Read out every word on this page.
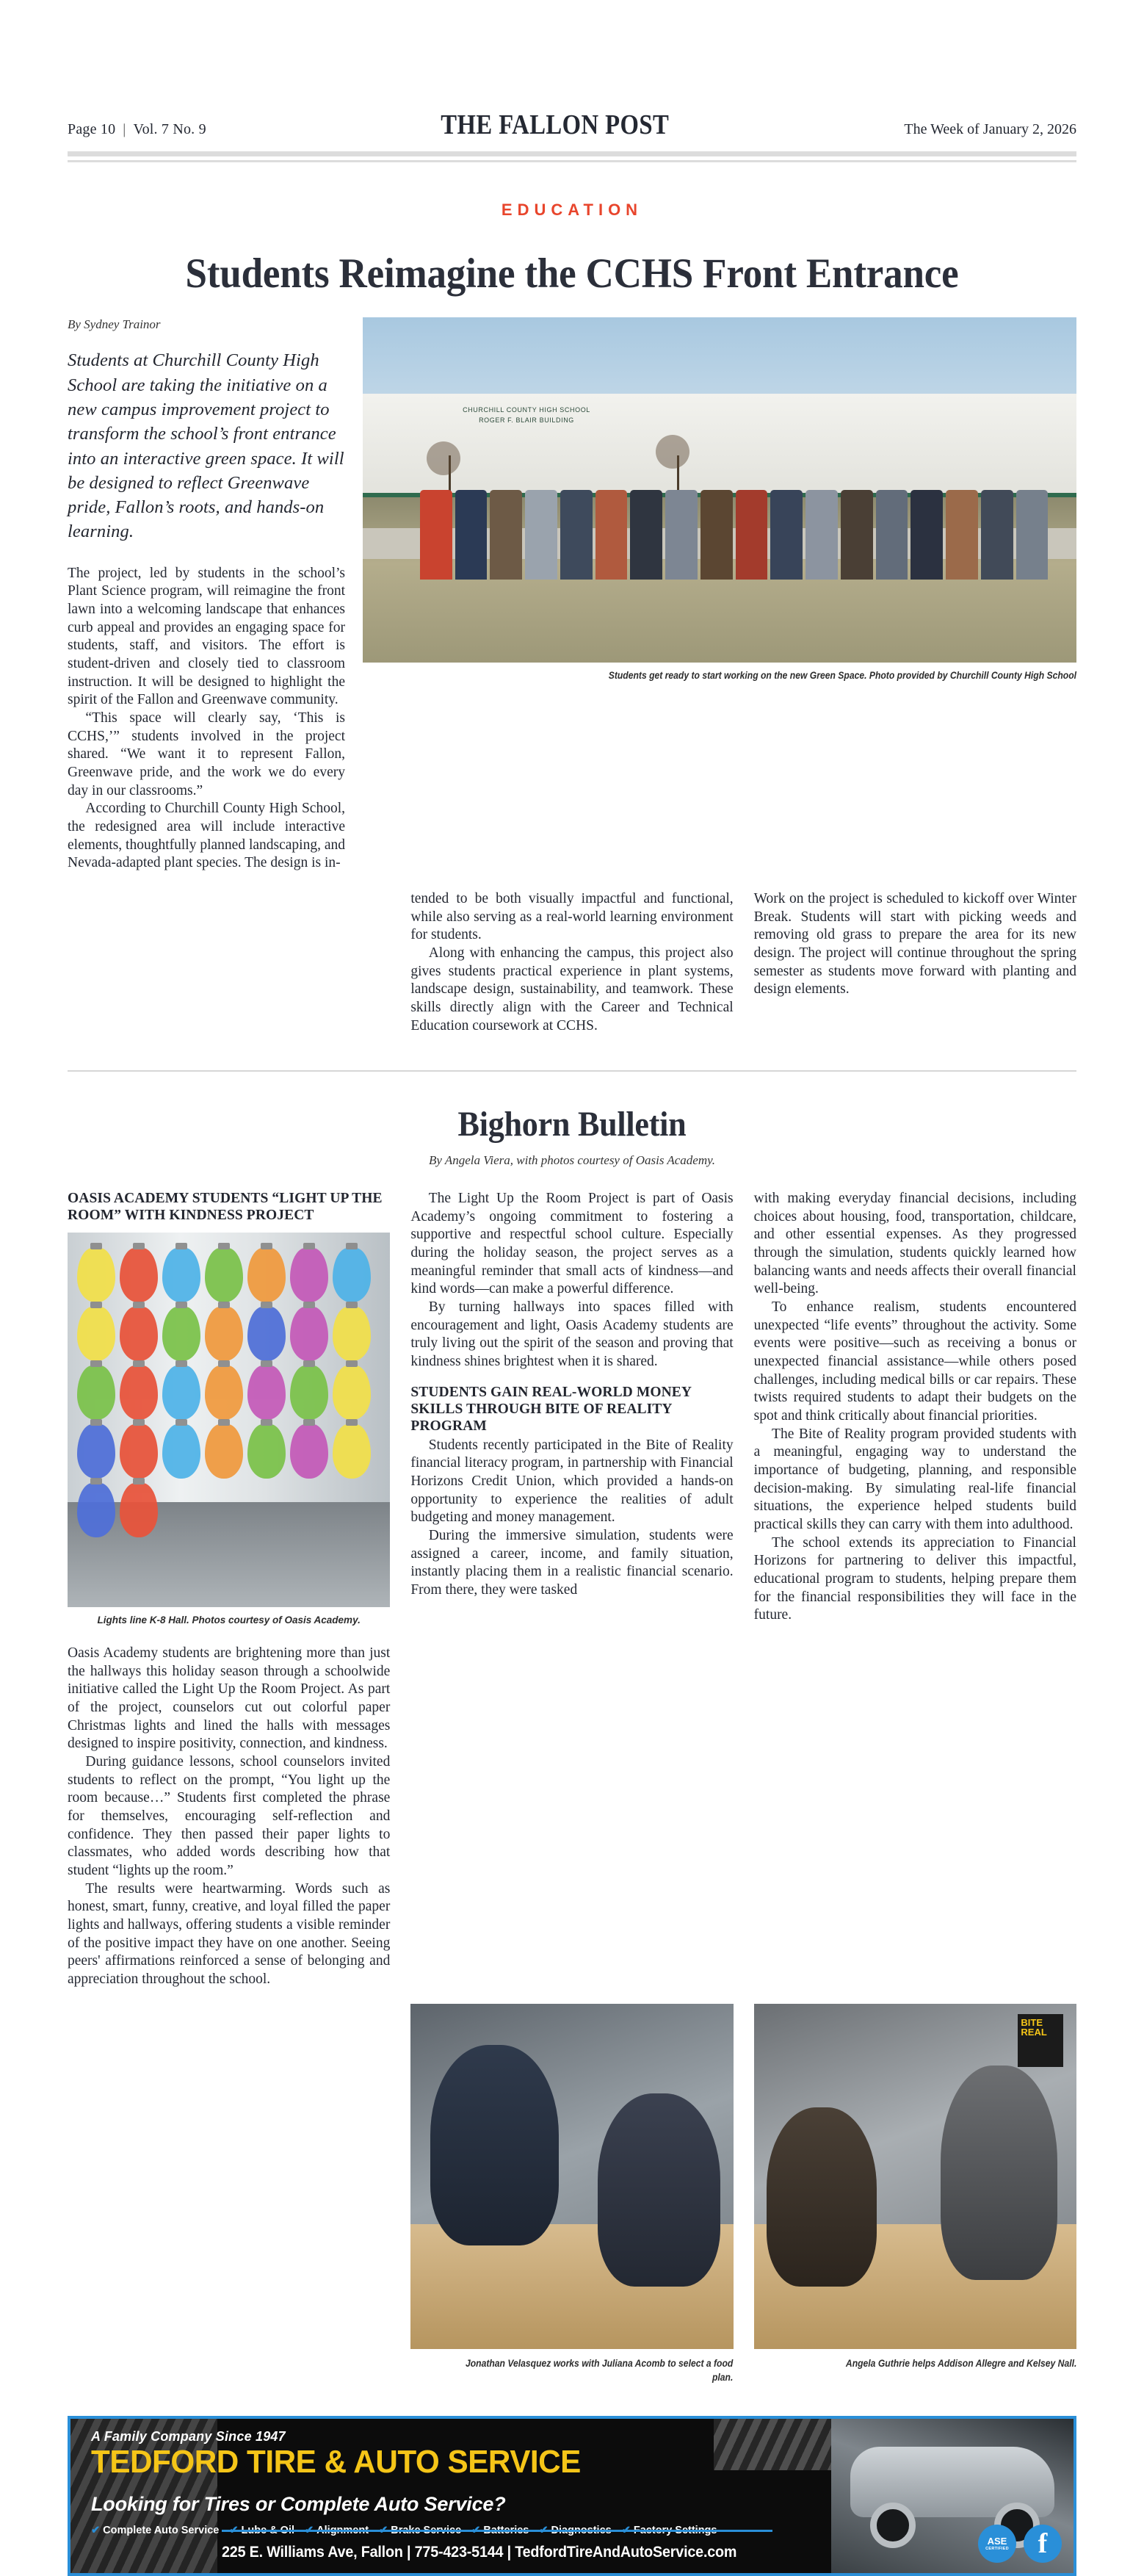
Page 10 | Vol. 7 No. 9	THE FALLON POST	The Week of January 2, 2026
EDUCATION
Students Reimagine the CCHS Front Entrance
By Sydney Trainor
Students at Churchill County High School are taking the initiative on a new campus improvement project to transform the school’s front entrance into an interactive green space. It will be designed to reflect Greenwave pride, Fallon’s roots, and hands-on learning.

The project, led by students in the school’s Plant Science program, will reimagine the front lawn into a welcoming landscape that enhances curb appeal and provides an engaging space for students, staff, and visitors. The effort is student-driven and closely tied to classroom instruction. It will be designed to highlight the spirit of the Fallon and Greenwave community.

“This space will clearly say, ‘This is CCHS,’” students involved in the project shared. “We want it to represent Fallon, Greenwave pride, and the work we do every day in our classrooms.”

According to Churchill County High School, the redesigned area will include interactive elements, thoughtfully planned landscaping, and Nevada-adapted plant species. The design is in-

CHURCHILL COUNTY HIGH SCHOOL
ROGER F. BLAIR BUILDING
Students get ready to start working on the new Green Space. Photo provided by Churchill County High School

tended to be both visually impactful and functional, while also serving as a real-world learning environment for students.

Along with enhancing the campus, this project also gives students practical experience in plant systems, landscape design, sustainability, and teamwork. These skills directly align with the Career and Technical Education coursework at CCHS.

Work on the project is scheduled to kickoff over Winter Break. Students will start with picking weeds and removing old grass to prepare the area for its new design. The project will continue throughout the spring semester as students move forward with planting and design elements.

Bighorn Bulletin
By Angela Viera, with photos courtesy of Oasis Academy.
OASIS ACADEMY STUDENTS “LIGHT UP THE ROOM” WITH KINDNESS PROJECT
Lights line K-8 Hall. Photos courtesy of Oasis Academy.

Oasis Academy students are brightening more than just the hallways this holiday season through a schoolwide initiative called the Light Up the Room Project. As part of the project, counselors cut out colorful paper Christmas lights and lined the halls with messages designed to inspire positivity, connection, and kindness.

During guidance lessons, school counselors invited students to reflect on the prompt, “You light up the room because…” Students first completed the phrase for themselves, encouraging self-reflection and confidence. They then passed their paper lights to classmates, who added words describing how that student “lights up the room.”

The results were heartwarming. Words such as honest, smart, funny, creative, and loyal filled the paper lights and hallways, offering students a visible reminder of the positive impact they have on one another. Seeing peers' affirmations reinforced a sense of belonging and appreciation throughout the school.

The Light Up the Room Project is part of Oasis Academy’s ongoing commitment to fostering a supportive and respectful school culture. Especially during the holiday season, the project serves as a meaningful reminder that small acts of kindness—and kind words—can make a powerful difference.

By turning hallways into spaces filled with encouragement and light, Oasis Academy students are truly living out the spirit of the season and proving that kindness shines brightest when it is shared.

STUDENTS GAIN REAL-WORLD MONEY SKILLS THROUGH BITE OF REALITY PROGRAM

Students recently participated in the Bite of Reality financial literacy program, in partnership with Financial Horizons Credit Union, which provided a hands-on opportunity to experience the realities of adult budgeting and money management.

During the immersive simulation, students were assigned a career, income, and family situation, instantly placing them in a realistic financial scenario. From there, they were tasked

with making everyday financial decisions, including choices about housing, food, transportation, childcare, and other essential expenses. As they progressed through the simulation, students quickly learned how balancing wants and needs affects their overall financial well-being.

To enhance realism, students encountered unexpected “life events” throughout the activity. Some events were positive—such as receiving a bonus or unexpected financial assistance—while others posed challenges, including medical bills or car repairs. These twists required students to adapt their budgets on the spot and think critically about financial priorities.

The Bite of Reality program provided students with a meaningful, engaging way to understand the importance of budgeting, planning, and responsible decision-making. By simulating real-life financial situations, the experience helped students build practical skills they can carry with them into adulthood.

The school extends its appreciation to Financial Horizons for partnering to deliver this impactful, educational program to students, helping prepare them for the financial responsibilities they will face in the future.

Jonathan Velasquez works with Juliana Acomb to select a food plan.
BITE REAL
Angela Guthrie helps Addison Allegre and Kelsey Nall.
A Family Company Since 1947
TEDFORD TIRE & AUTO SERVICE
Looking for Tires or Complete Auto Service?
✔ Complete Auto Service
225 E. Williams Ave, Fallon | 775-423-5144 | TedfordTireAndAutoService.com
ASE
CERTIFIED	f
